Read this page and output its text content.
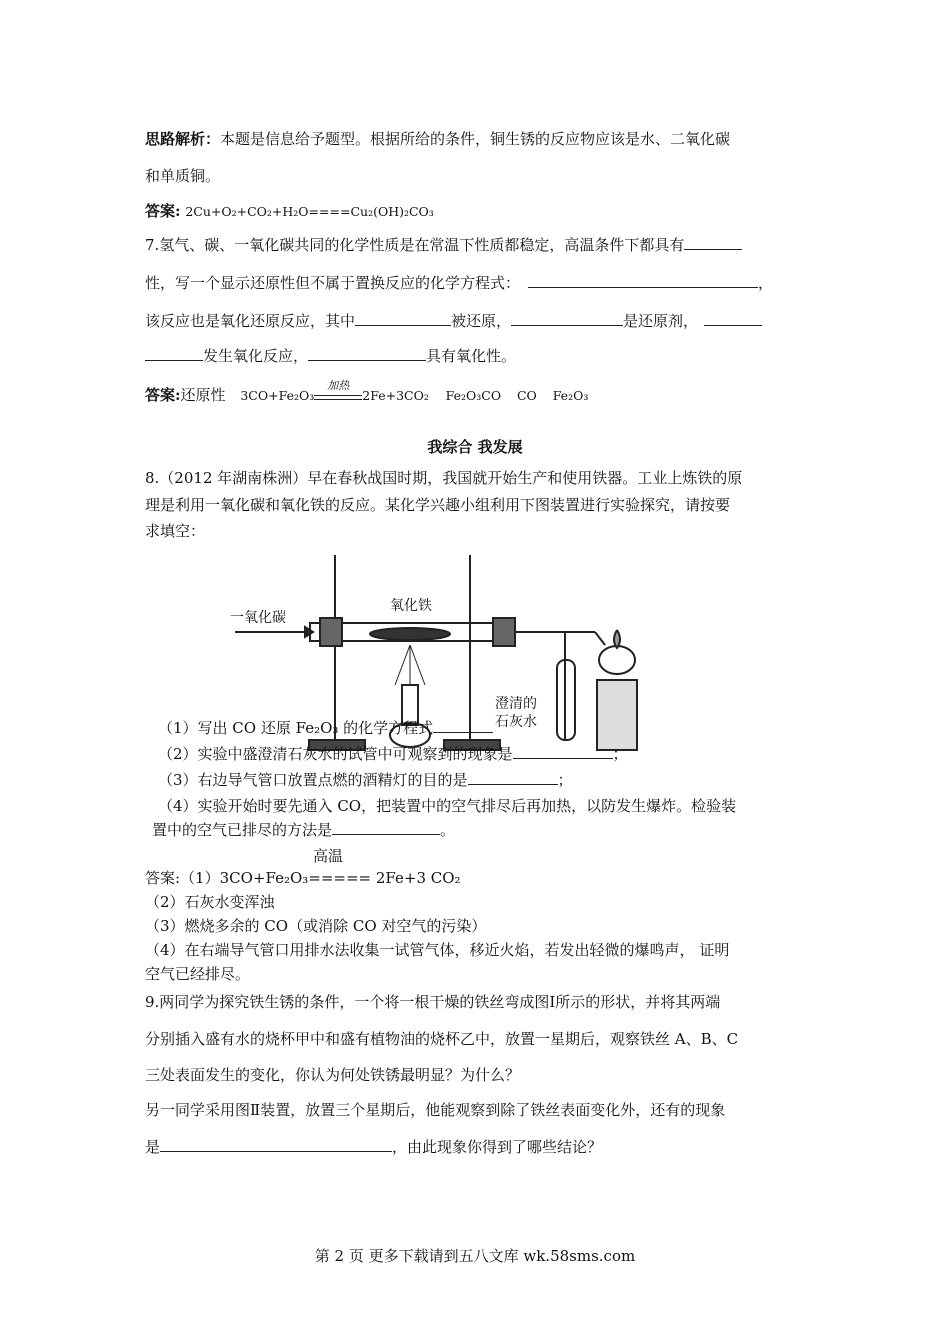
思路解析：本题是信息给予题型。根据所给的条件，铜生锈的反应物应该是水、二氧化碳
和单质铜。
答案: 2Cu+O₂+CO₂+H₂O====Cu₂(OH)₂CO₃
7.氢气、碳、一氧化碳共同的化学性质是在常温下性质都稳定，高温条件下都具有
性，写一个显示还原性但不属于置换反应的化学方程式：	，
该反应也是氧化还原反应，其中	被还原，	是还原剂，
发生氧化反应，	具有氧化性。
答案:还原性 3CO+Fe₂O₃
加热
2Fe+3CO₂ Fe₂O₃CO    CO    Fe₂O₃
我综合 我发展
8.（2012 年湖南株洲）早在春秋战国时期，我国就开始生产和使用铁器。工业上炼铁的原
理是利用一氧化碳和氧化铁的反应。某化学兴趣小组利用下图装置进行实验探究，请按要
求填空：
一氧化碳
氧化铁
澄清的
石灰水
（1）写出 CO 还原 Fe₂O₃ 的化学方程式
（2）实验中盛澄清石灰水的试管中可观察到的现象是	；
（3）右边导气管口放置点燃的酒精灯的目的是	；
（4）实验开始时要先通入 CO，把装置中的空气排尽后再加热，以防发生爆炸。检验装
置中的空气已排尽的方法是	。
高温
答案:（1）3CO+Fe₂O₃===== 2Fe+3 CO₂
（2）石灰水变浑浊
（3）燃烧多余的 CO（或消除 CO 对空气的污染）
（4）在右端导气管口用排水法收集一试管气体，移近火焰，若发出轻微的爆鸣声， 证明
空气已经排尽。
9.两同学为探究铁生锈的条件，一个将一根干燥的铁丝弯成图Ⅰ所示的形状，并将其两端
分别插入盛有水的烧杯甲中和盛有植物油的烧杯乙中，放置一星期后，观察铁丝 A、B、C
三处表面发生的变化，你认为何处铁锈最明显？为什么？
另一同学采用图Ⅱ装置，放置三个星期后，他能观察到除了铁丝表面变化外，还有的现象
是	，由此现象你得到了哪些结论？
第 2 页 更多下载请到五八文库 wk.58sms.com
